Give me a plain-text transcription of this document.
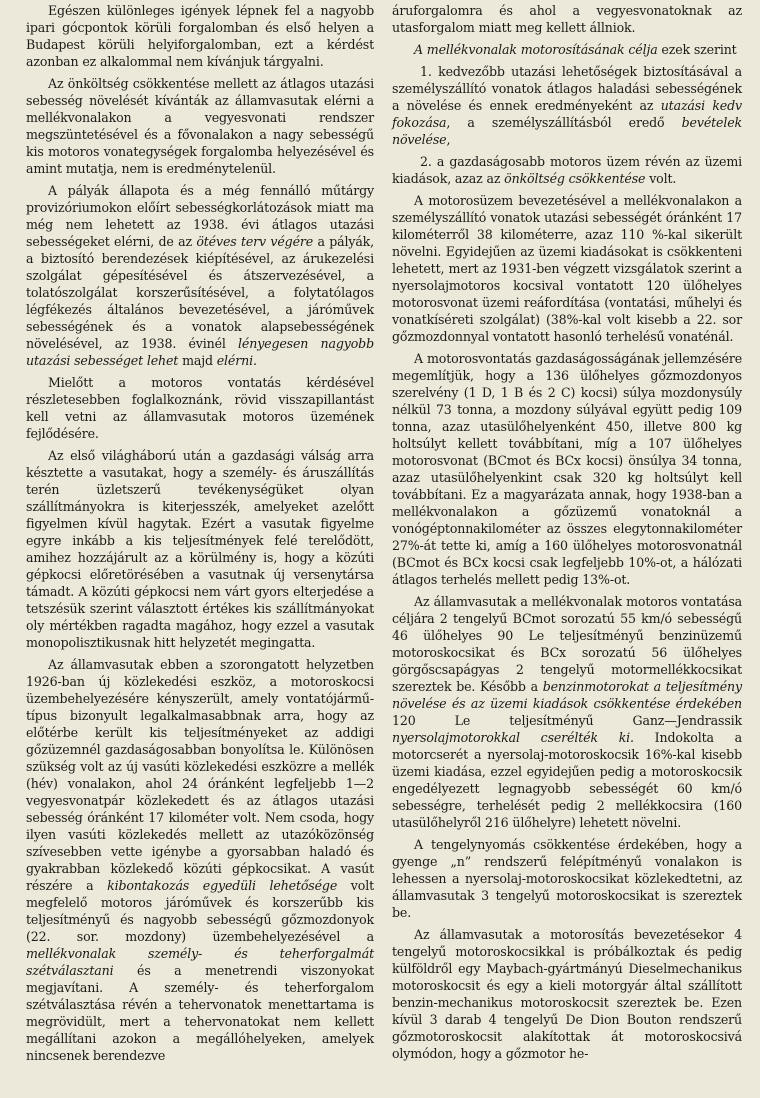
Egészen különleges igények lépnek fel a nagyobb ipari gócpontok körüli forgalomban és első helyen a Budapest körüli helyiforgalomban, ezt a kérdést azonban ez alkalommal nem kívánjuk tárgyalni.

Az önköltség csökkentése mellett az átlagos utazási sebesség növelését kívánták az államvasutak elérni a mellékvonalakon a vegyesvonati rendszer megszüntetésével és a fővonalakon a nagy sebességű kis motoros vonategységek forgalomba helyezésével és amint mutatja, nem is eredménytelenül.

A pályák állapota és a még fennálló műtárgy provizóriumokon előírt sebességkorlátozások miatt ma még nem lehetett az 1938. évi átlagos utazási sebességeket elérni, de az ötéves terv végére a pályák, a biztosító berendezések kiépítésével, az árukezelési szolgálat gépesítésével és átszervezésével, a tolatószolgálat korszerűsítésével, a folytatólagos légfékezés általános bevezetésével, a járóművek sebességének és a vonatok alapsebességének növelésével, az 1938. évinél lényegesen nagyobb utazási sebességet lehet majd elérni.

Mielőtt a motoros vontatás kérdésével részletesebben foglalkoznánk, rövid visszapillantást kell vetni az államvasutak motoros üzemének fejlődésére.

Az első világháború után a gazdasági válság arra késztette a vasutakat, hogy a személy- és áruszállítás terén üzletszerű tevékenységüket olyan szállítmányokra is kiterjesszék, amelyeket azelőtt figyelmen kívül hagytak. Ezért a vasutak figyelme egyre inkább a kis teljesítmények felé terelődött, amihez hozzájárult az a körülmény is, hogy a közúti gépkocsi előretörésében a vasutnak új versenytársa támadt. A közúti gépkocsi nem várt gyors elterjedése a tetszésük szerint választott értékes kis szállítmányokat oly mértékben ragadta magához, hogy ezzel a vasutak monopolisztikusnak hitt helyzetét megingatta.

Az államvasutak ebben a szorongatott helyzetben 1926-ban új közlekedési eszköz, a motoroskocsi üzembehelyezésére kényszerült, amely vontatójármű-típus bizonyult legalkalmasabbnak arra, hogy az előtérbe került kis teljesítményeket az addigi gőzüzemnél gazdaságosabban bonyolítsa le. Különösen szükség volt az új vasúti közlekedési eszközre a mellék (hév) vonalakon, ahol 24 óránként legfeljebb 1—2 vegyesvonatpár közlekedett és az átlagos utazási sebesség óránként 17 kilométer volt. Nem csoda, hogy ilyen vasúti közlekedés mellett az utazóközönség szívesebben vette igénybe a gyorsabban haladó és gyakrabban közlekedő közúti gépkocsikat. A vasút részére a kibontakozás egyedüli lehetősége volt megfelelő motoros járóművek és korszerűbb kis teljesítményű és nagyobb sebességű gőzmozdonyok (22. sor. mozdony) üzembehelyezésével a mellékvonalak személy- és teherforgalmát szétválasztani és a menetrendi viszonyokat megjavítani. A személy- és teherforgalom szétválasztása révén a tehervonatok menettartama is megrövidült, mert a tehervonatokat nem kellett megállítani azokon a megállóhelyeken, amelyek nincsenek berendezve

áruforgalomra és ahol a vegyesvonatoknak az utasforgalom miatt meg kellett állniok.

A mellékvonalak motorosításának célja ezek szerint

1. kedvezőbb utazási lehetőségek biztosításával a személyszállító vonatok átlagos haladási sebességének a növelése és ennek eredményeként az utazási kedv fokozása, a személyszállításból eredő bevételek növelése,

2. a gazdaságosabb motoros üzem révén az üzemi kiadások, azaz az önköltség csökkentése volt.

A motorosüzem bevezetésével a mellékvonalakon a személyszállító vonatok utazási sebességét óránként 17 kilométerről 38 kilométerre, azaz 110 %-kal sikerült növelni. Egyidejűen az üzemi kiadásokat is csökkenteni lehetett, mert az 1931-ben végzett vizsgálatok szerint a nyersolajmotoros kocsival vontatott 120 ülőhelyes motorosvonat üzemi reáfordítása (vontatási, műhelyi és vonatkíséreti szolgálat) (38%-kal volt kisebb a 22. sor gőzmozdonnyal vontatott hasonló terhelésű vonaténál.

A motorosvontatás gazdaságosságának jellemzésére megemlítjük, hogy a 136 ülőhelyes gőzmozdonyos szerelvény (1 D, 1 B és 2 C) kocsi) súlya mozdonysúly nélkül 73 tonna, a mozdony súlyával együtt pedig 109 tonna, azaz utasülőhelyenként 450, illetve 800 kg holtsúlyt kellett továbbítani, míg a 107 ülőhelyes motorosvonat (BCmot és BCx kocsi) önsúlya 34 tonna, azaz utasülőhelyenkint csak 320 kg holtsúlyt kell továbbítani. Ez a magyarázata annak, hogy 1938-ban a mellékvonalakon a gőzüzemű vonatoknál a vonógéptonnakilométer az összes elegytonnakilométer 27%-át tette ki, amíg a 160 ülőhelyes motorosvonatnál (BCmot és BCx kocsi csak legfeljebb 10%-ot, a hálózati átlagos terhelés mellett pedig 13%-ot.

Az államvasutak a mellékvonalak motoros vontatása céljára 2 tengelyű BCmot sorozatú 55 km/ó sebességű 46 ülőhelyes 90 Le teljesítményű benzinüzemű motoroskocsikat és BCx sorozatú 56 ülőhelyes görgőscsapágyas 2 tengelyű motormellékkocsikat szereztek be. Később a benzinmotorokat a teljesítmény növelése és az üzemi kiadások csökkentése érdekében 120 Le teljesítményű Ganz—Jendrassik nyersolajmotorokkal cserélték ki. Indokolta a motorcserét a nyersolaj-motoroskocsik 16%-kal kisebb üzemi kiadása, ezzel egyidejűen pedig a motoroskocsik engedélyezett legnagyobb sebességét 60 km/ó sebességre, terhelését pedig 2 mellékkocsira (160 utasülőhelyről 216 ülőhelyre) lehetett növelni.

A tengelynyomás csökkentése érdekében, hogy a gyenge „n” rendszerű felépítményű vonalakon is lehessen a nyersolaj-motoroskocsikat közlekedtetni, az államvasutak 3 tengelyű motoroskocsikat is szereztek be.

Az államvasutak a motorosítás bevezetésekor 4 tengelyű motoroskocsikkal is próbálkoztak és pedig külföldről egy Maybach-gyártmányú Dieselmechanikus motoroskocsit és egy a kieli motorgyár által szállított benzin-mechanikus motoroskocsit szereztek be. Ezen kívül 3 darab 4 tengelyű De Dion Bouton rendszerű gőzmotoroskocsit alakítottak át motoroskocsivá olymódon, hogy a gőzmotor he-
